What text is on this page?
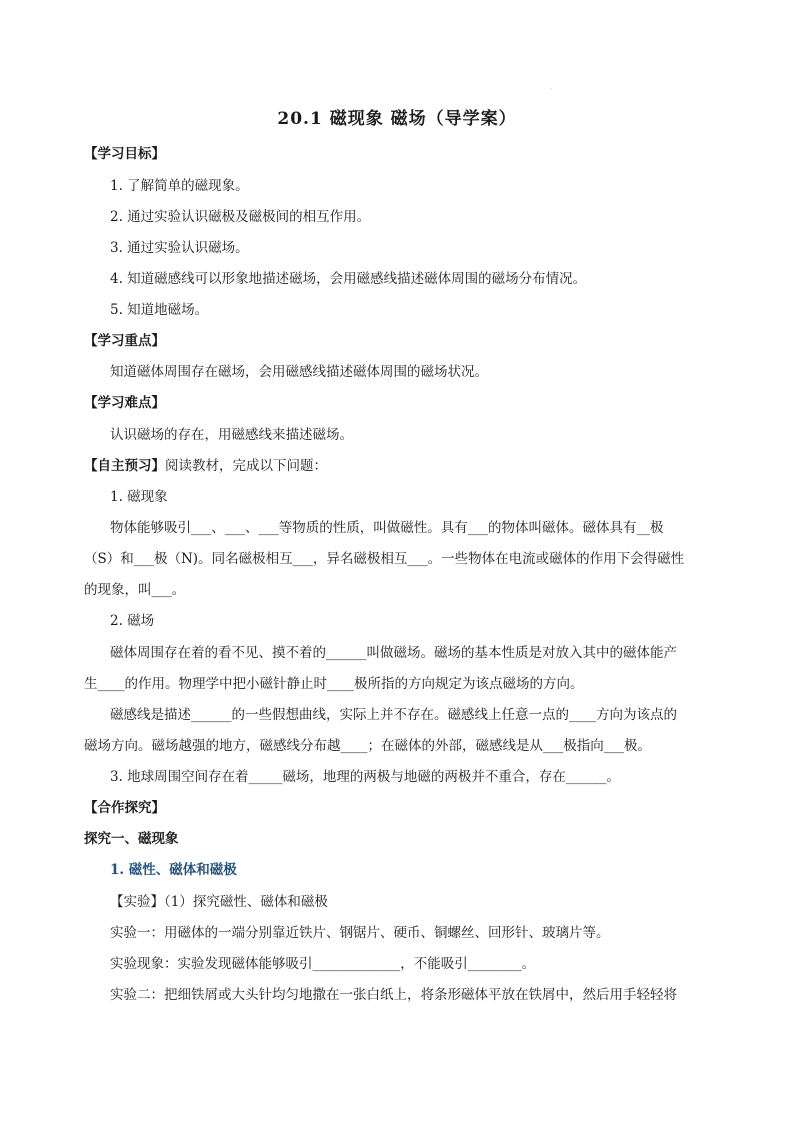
·
20.1 磁现象 磁场（导学案）
【学习目标】
1. 了解简单的磁现象。
2. 通过实验认识磁极及磁极间的相互作用。
3. 通过实验认识磁场。
4. 知道磁感线可以形象地描述磁场，会用磁感线描述磁体周围的磁场分布情况。
5. 知道地磁场。
【学习重点】
知道磁体周围存在磁场，会用磁感线描述磁体周围的磁场状况。
【学习难点】
认识磁场的存在，用磁感线来描述磁场。
【自主预习】阅读教材，完成以下问题：
1. 磁现象
物体能够吸引___、___、___等物质的性质，叫做磁性。具有___的物体叫磁体。磁体具有__极
（S）和___极（N)。同名磁极相互___，异名磁极相互___。一些物体在电流或磁体的作用下会得磁性
的现象，叫___。
2. 磁场
磁体周围存在着的看不见、摸不着的______叫做磁场。磁场的基本性质是对放入其中的磁体能产
生____的作用。物理学中把小磁针静止时____极所指的方向规定为该点磁场的方向。
磁感线是描述______的一些假想曲线，实际上并不存在。磁感线上任意一点的____方向为该点的
磁场方向。磁场越强的地方，磁感线分布越____；在磁体的外部，磁感线是从___极指向___极。
3. 地球周围空间存在着_____磁场，地理的两极与地磁的两极并不重合，存在______。
【合作探究】
探究一、磁现象
1. 磁性、磁体和磁极
【实验】（1）探究磁性、磁体和磁极
实验一：用磁体的一端分别靠近铁片、钢锯片、硬币、铜螺丝、回形针、玻璃片等。
实验现象：实验发现磁体能够吸引_____________，不能吸引________。
实验二：把细铁屑或大头针均匀地撒在一张白纸上，将条形磁体平放在铁屑中，然后用手轻轻将
